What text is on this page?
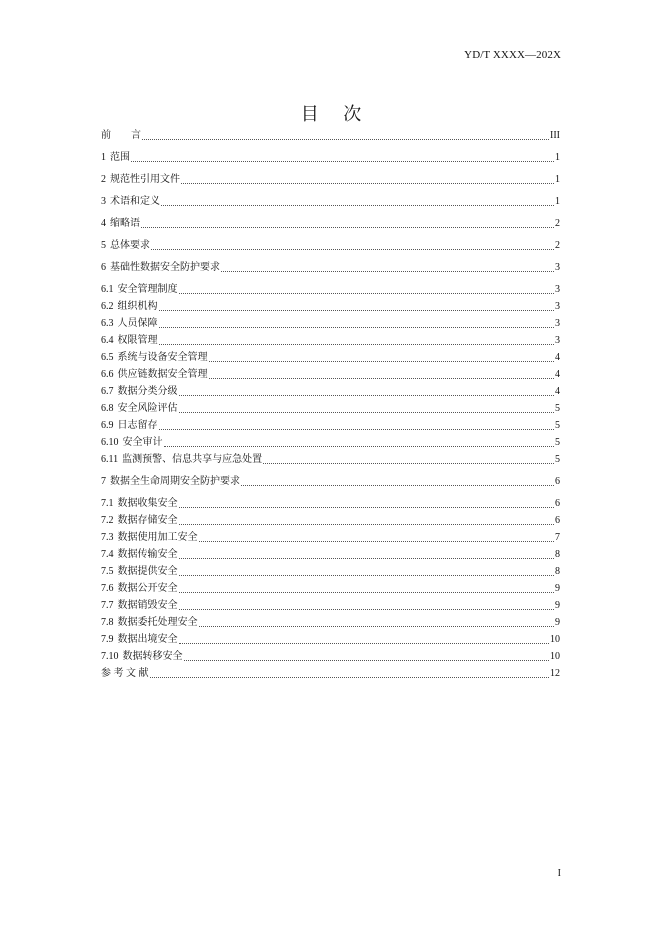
YD/T XXXX—202X
目 次
前　　言	III
1 范围	1
2 规范性引用文件	1
3 术语和定义	1
4 缩略语	2
5 总体要求	2
6 基础性数据安全防护要求	3
6.1 安全管理制度	3
6.2 组织机构	3
6.3 人员保障	3
6.4 权限管理	3
6.5 系统与设备安全管理	4
6.6 供应链数据安全管理	4
6.7 数据分类分级	4
6.8 安全风险评估	5
6.9 日志留存	5
6.10 安全审计	5
6.11 监测预警、信息共享与应急处置	5
7 数据全生命周期安全防护要求	6
7.1 数据收集安全	6
7.2 数据存储安全	6
7.3 数据使用加工安全	7
7.4 数据传输安全	8
7.5 数据提供安全	8
7.6 数据公开安全	9
7.7 数据销毁安全	9
7.8 数据委托处理安全	9
7.9 数据出境安全	10
7.10 数据转移安全	10
参 考 文 献	12
I
